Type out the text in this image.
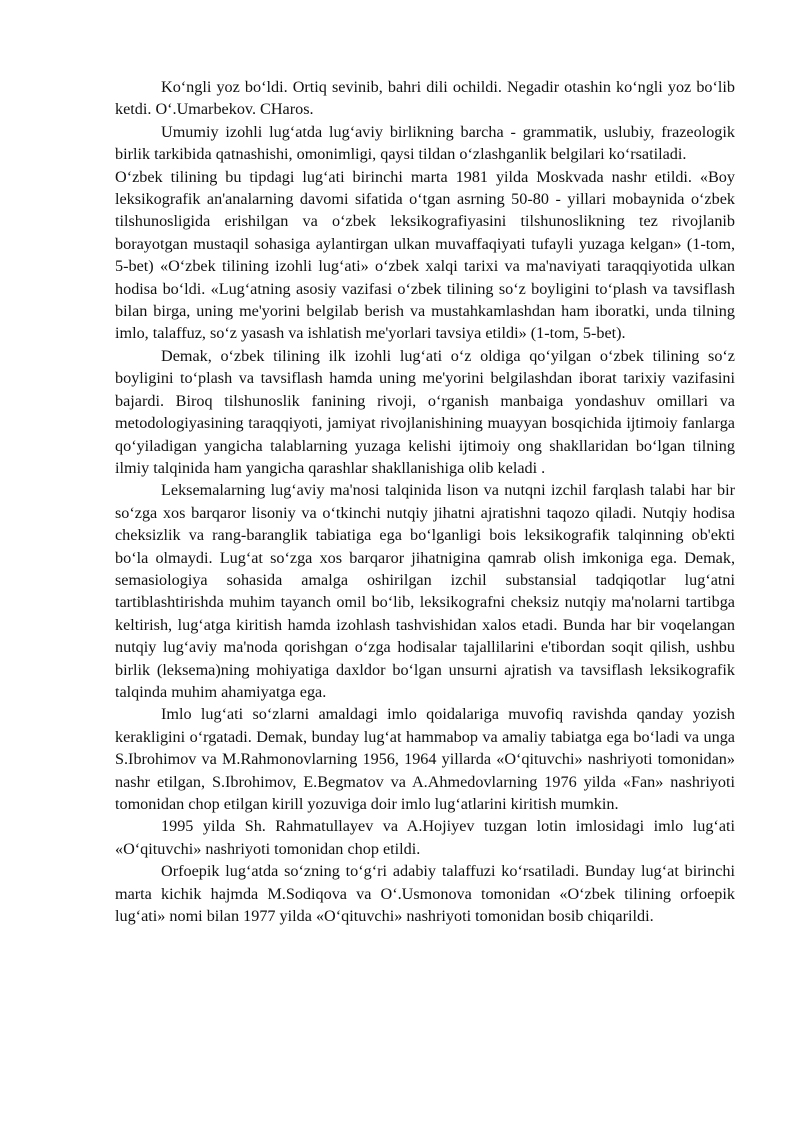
Ko‘ngli yoz bo‘ldi. Ortiq sevinib, bahri dili ochildi. Negadir otashin ko‘ngli yoz bo‘lib ketdi. O‘.Umarbekov. CHaros.

Umumiy izohli lug‘atda lug‘aviy birlikning barcha - grammatik, uslubiy, frazeologik birlik tarkibida qatnashishi, omonimligi, qaysi tildan o‘zlashganlik belgilari ko‘rsatiladi.

O‘zbek tilining bu tipdagi lug‘ati birinchi marta 1981 yilda Moskvada nashr etildi. «Boy leksikografik an'analarning davomi sifatida o‘tgan asrning 50-80 - yillari mobaynida o‘zbek tilshunosligida erishilgan va o‘zbek leksikografiyasini tilshunoslikning tez rivojlanib borayotgan mustaqil sohasiga aylantirgan ulkan muvaffaqiyati tufayli yuzaga kelgan» (1-tom, 5-bet) «O‘zbek tilining izohli lug‘ati» o‘zbek xalqi tarixi va ma'naviyati taraqqiyotida ulkan hodisa bo‘ldi. «Lug‘atning asosiy vazifasi o‘zbek tilining so‘z boyligini to‘plash va tavsiflash bilan birga, uning me'yorini belgilab berish va mustahkamlashdan ham iboratki, unda tilning imlo, talaffuz, so‘z yasash va ishlatish me'yorlari tavsiya etildi» (1-tom, 5-bet).

Demak, o‘zbek tilining ilk izohli lug‘ati o‘z oldiga qo‘yilgan o‘zbek tilining so‘z boyligini to‘plash va tavsiflash hamda uning me'yorini belgilashdan iborat tarixiy vazifasini bajardi. Biroq tilshunoslik fanining rivoji, o‘rganish manbaiga yondashuv omillari va metodologiyasining taraqqiyoti, jamiyat rivojlanishining muayyan bosqichida ijtimoiy fanlarga qo‘yiladigan yangicha talablarning yuzaga kelishi ijtimoiy ong shakllaridan bo‘lgan tilning ilmiy talqinida ham yangicha qarashlar shakllanishiga olib keladi .

Leksemalarning lug‘aviy ma'nosi talqinida lison va nutqni izchil farqlash talabi har bir so‘zga xos barqaror lisoniy va o‘tkinchi nutqiy jihatni ajratishni taqozo qiladi. Nutqiy hodisa cheksizlik va rang-baranglik tabiatiga ega bo‘lganligi bois leksikografik talqinning ob'ekti bo‘la olmaydi. Lug‘at so‘zga xos barqaror jihatnigina qamrab olish imkoniga ega. Demak, semasiologiya sohasida amalga oshirilgan izchil substansial tadqiqotlar lug‘atni tartiblashtirishda muhim tayanch omil bo‘lib, leksikografni cheksiz nutqiy ma'nolarni tartibga keltirish, lug‘atga kiritish hamda izohlash tashvishidan xalos etadi. Bunda har bir voqelangan nutqiy lug‘aviy ma'noda qorishgan o‘zga hodisalar tajallilarini e'tibordan soqit qilish, ushbu birlik (leksema)ning mohiyatiga daxldor bo‘lgan unsurni ajratish va tavsiflash leksikografik talqinda muhim ahamiyatga ega.

Imlo lug‘ati so‘zlarni amaldagi imlo qoidalariga muvofiq ravishda qanday yozish kerakligini o‘rgatadi. Demak, bunday lug‘at hammabop va amaliy tabiatga ega bo‘ladi va unga S.Ibrohimov va M.Rahmonovlarning 1956, 1964 yillarda «O‘qituvchi» nashriyoti tomonidan» nashr etilgan, S.Ibrohimov, E.Begmatov va A.Ahmedovlarning 1976 yilda «Fan» nashriyoti tomonidan chop etilgan kirill yozuviga doir imlo lug‘atlarini kiritish mumkin.

1995 yilda Sh. Rahmatullayev va A.Hojiyev tuzgan lotin imlosidagi imlo lug‘ati «O‘qituvchi» nashriyoti tomonidan chop etildi.

Orfoepik lug‘atda so‘zning to‘g‘ri adabiy talaffuzi ko‘rsatiladi. Bunday lug‘at birinchi marta kichik hajmda M.Sodiqova va O‘.Usmonova tomonidan «O‘zbek tilining orfoepik lug‘ati» nomi bilan 1977 yilda «O‘qituvchi» nashriyoti tomonidan bosib chiqarildi.
